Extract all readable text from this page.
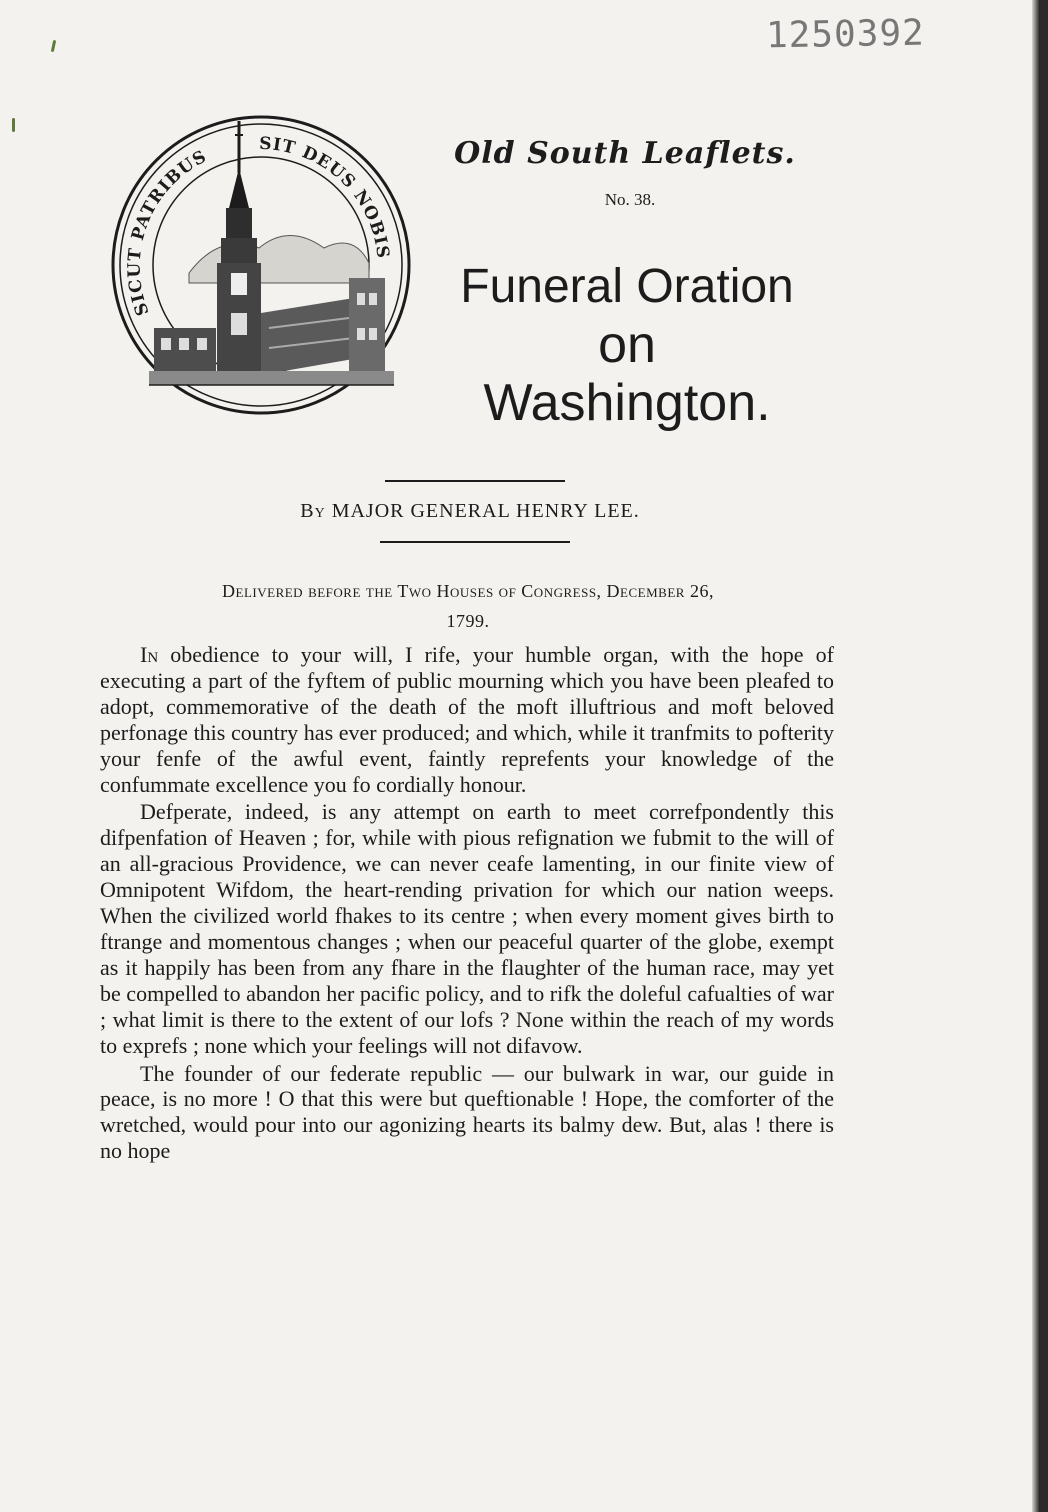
1250392
SICUT PATRIBUS
SIT DEUS NOBIS
Old South Leaflets.
No. 38.
Funeral Oration
on
Washington.
By MAJOR GENERAL HENRY LEE.
Delivered before the Two Houses of Congress, December 26,
1799.

In obedience to your will, I rife, your humble organ, with the hope of executing a part of the fyftem of public mourning which you have been pleafed to adopt, commemorative of the death of the moft illuftrious and moft beloved perfonage this country has ever produced; and which, while it tranfmits to pofterity your fenfe of the awful event, faintly reprefents your knowledge of the confummate excellence you fo cordially honour.

Defperate, indeed, is any attempt on earth to meet correfpondently this difpenfation of Heaven ; for, while with pious refignation we fubmit to the will of an all-gracious Providence, we can never ceafe lamenting, in our finite view of Omnipotent Wifdom, the heart-rending privation for which our nation weeps. When the civilized world fhakes to its centre ; when every moment gives birth to ftrange and momentous changes ; when our peaceful quarter of the globe, exempt as it happily has been from any fhare in the flaughter of the human race, may yet be compelled to abandon her pacific policy, and to rifk the doleful cafualties of war ; what limit is there to the extent of our lofs ? None within the reach of my words to exprefs ; none which your feelings will not difavow.

The founder of our federate republic — our bulwark in war, our guide in peace, is no more ! O that this were but queftionable ! Hope, the comforter of the wretched, would pour into our agonizing hearts its balmy dew. But, alas ! there is no hope
